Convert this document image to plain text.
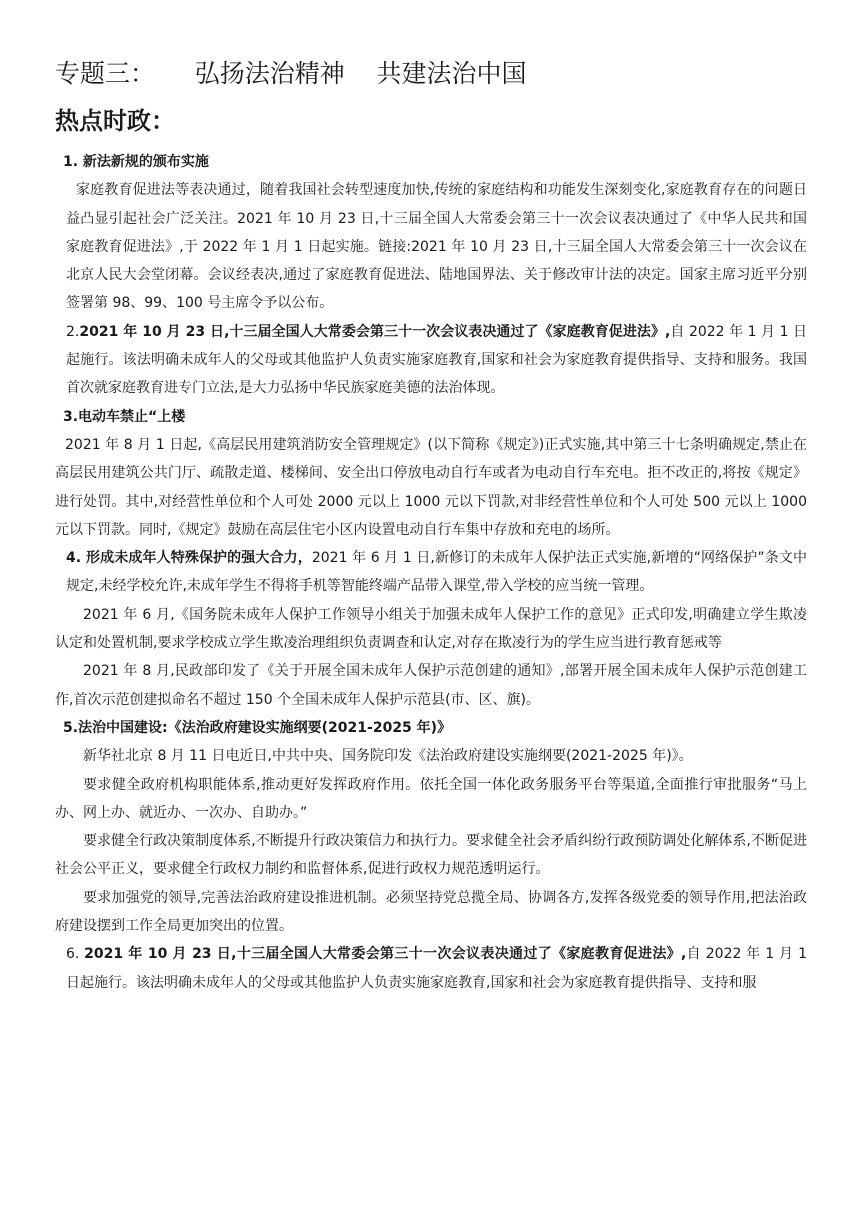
专题三：     弘扬法治精神    共建法治中国
热点时政：

1. 新法新规的颁布实施

家庭教育促进法等表决通过，随着我国社会转型速度加快,传统的家庭结构和功能发生深刻变化,家庭教育存在的问题日益凸显引起社会广泛关注。2021 年 10 月 23 日,十三届全国人大常委会第三十一次会议表决通过了《中华人民共和国家庭教育促进法》,于 2022 年 1 月 1 日起实施。链接:2021 年 10 月 23 日,十三届全国人大常委会第三十一次会议在北京人民大会堂闭幕。会议经表决,通过了家庭教育促进法、陆地国界法、关于修改审计法的决定。国家主席习近平分别签署第 98、99、100 号主席令予以公布。

2.2021 年 10 月 23 日,十三届全国人大常委会第三十一次会议表决通过了《家庭教育促进法》,自 2022 年 1 月 1 日起施行。该法明确未成年人的父母或其他监护人负责实施家庭教育,国家和社会为家庭教育提供指导、支持和服务。我国首次就家庭教育进专门立法,是大力弘扬中华民族家庭美德的法治体现。

3.电动车禁止“上楼

2021 年 8 月 1 日起,《高层民用建筑消防安全管理规定》(以下简称《规定》)正式实施,其中第三十七条明确规定,禁止在高层民用建筑公共门厅、疏散走道、楼梯间、安全出口停放电动自行车或者为电动自行车充电。拒不改正的,将按《规定》进行处罚。其中,对经营性单位和个人可处 2000 元以上 1000 元以下罚款,对非经营性单位和个人可处 500 元以上 1000 元以下罚款。同时,《规定》鼓励在高层住宅小区内设置电动自行车集中存放和充电的场所。

4. 形成未成年人特殊保护的强大合力，2021 年 6 月 1 日,新修订的未成年人保护法正式实施,新增的“网络保护”条文中规定,未经学校允许,未成年学生不得将手机等智能终端产品带入课堂,带入学校的应当统一管理。

2021 年 6 月,《国务院未成年人保护工作领导小组关于加强未成年人保护工作的意见》正式印发,明确建立学生欺凌认定和处置机制,要求学校成立学生欺凌治理组织负责调查和认定,对存在欺凌行为的学生应当进行教育惩戒等

2021 年 8 月,民政部印发了《关于开展全国未成年人保护示范创建的通知》,部署开展全国未成年人保护示范创建工作,首次示范创建拟命名不超过 150 个全国未成年人保护示范县(市、区、旗)。

5.法治中国建设:《法治政府建设实施纲要(2021-2025 年)》

新华社北京 8 月 11 日电近日,中共中央、国务院印发《法治政府建设实施纲要(2021-2025 年)》。

要求健全政府机构职能体系,推动更好发挥政府作用。依托全国一体化政务服务平台等渠道,全面推行审批服务“马上办、网上办、就近办、一次办、自助办。”

要求健全行政决策制度体系,不断提升行政决策信力和执行力。要求健全社会矛盾纠纷行政预防调处化解体系,不断促进社会公平正义，要求健全行政权力制约和监督体系,促进行政权力规范透明运行。

要求加强党的领导,完善法治政府建设推进机制。必须坚持党总揽全局、协调各方,发挥各级党委的领导作用,把法治政府建设摆到工作全局更加突出的位置。

6. 2021 年 10 月 23 日,十三届全国人大常委会第三十一次会议表决通过了《家庭教育促进法》,自 2022 年 1 月 1 日起施行。该法明确未成年人的父母或其他监护人负责实施家庭教育,国家和社会为家庭教育提供指导、支持和服
